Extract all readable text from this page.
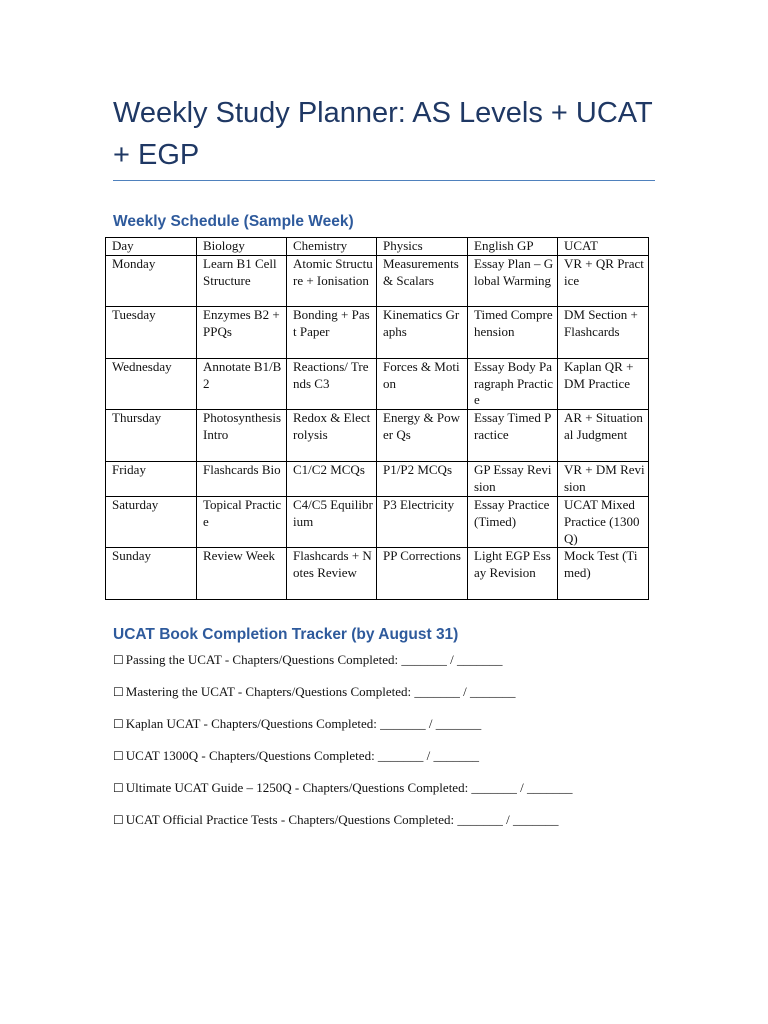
Weekly Study Planner: AS Levels + UCAT + EGP
Weekly Schedule (Sample Week)
Day	Biology	Chemistry	Physics	English GP	UCAT
Monday	Learn B1 Cell Structure	Atomic Structure + Ionisation	Measurements & Scalars	Essay Plan – Global Warming	VR + QR Practice
Tuesday	Enzymes B2 + PPQs	Bonding + Past Paper	Kinematics Graphs	Timed Comprehension	DM Section + Flashcards
Wednesday	Annotate B1/B2	Reactions/ Trends C3	Forces & Motion	Essay Body Paragraph Practice	Kaplan QR + DM Practice
Thursday	Photosynthesis Intro	Redox & Electrolysis	Energy & Power Qs	Essay Timed Practice	AR + Situational Judgment
Friday	Flashcards Bio	C1/C2 MCQs	P1/P2 MCQs	GP Essay Revision	VR + DM Revision
Saturday	Topical Practice	C4/C5 Equilibrium	P3 Electricity	Essay Practice (Timed)	UCAT Mixed Practice (1300Q)
Sunday	Review Week	Flashcards + Notes Review	PP Corrections	Light EGP Essay Revision	Mock Test (Timed)
UCAT Book Completion Tracker (by August 31)
☐ Passing the UCAT - Chapters/Questions Completed: _______ / _______
☐ Mastering the UCAT - Chapters/Questions Completed: _______ / _______
☐ Kaplan UCAT - Chapters/Questions Completed: _______ / _______
☐ UCAT 1300Q - Chapters/Questions Completed: _______ / _______
☐ Ultimate UCAT Guide – 1250Q - Chapters/Questions Completed: _______ / _______
☐ UCAT Official Practice Tests - Chapters/Questions Completed: _______ / _______
